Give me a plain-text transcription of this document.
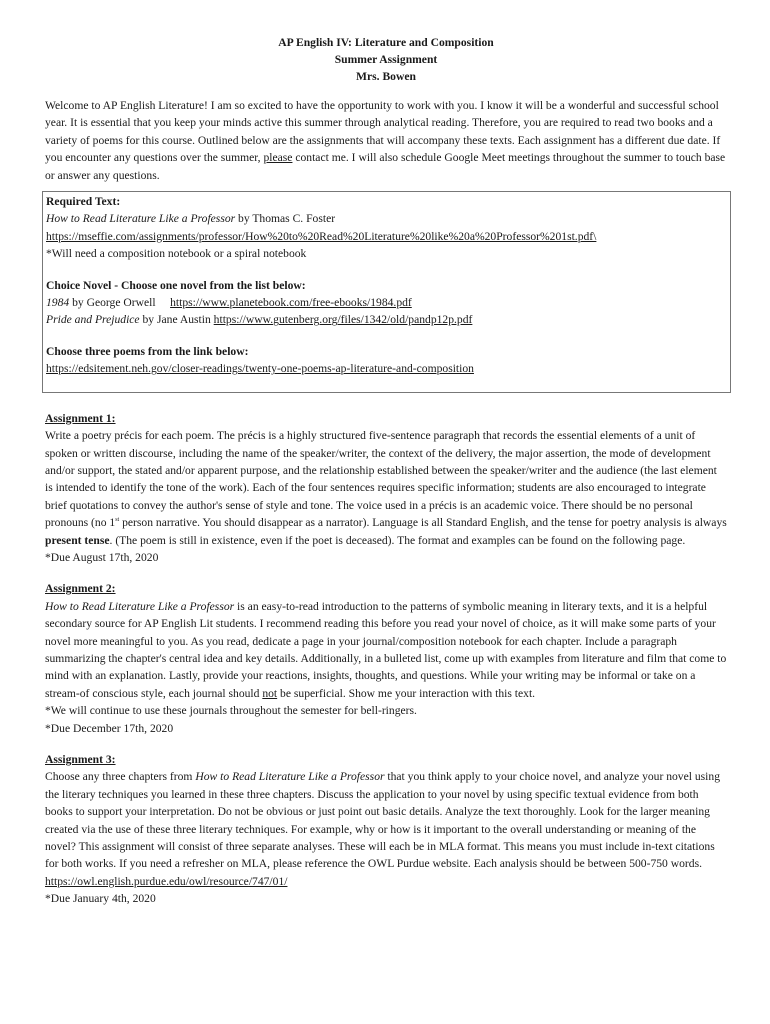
AP English IV: Literature and Composition
Summer Assignment
Mrs. Bowen

Welcome to AP English Literature! I am so excited to have the opportunity to work with you. I know it will be a wonderful and successful school year. It is essential that you keep your minds active this summer through analytical reading. Therefore, you are required to read two books and a variety of poems for this course. Outlined below are the assignments that will accompany these texts. Each assignment has a different due date. If you encounter any questions over the summer, please contact me. I will also schedule Google Meet meetings throughout the summer to touch base or answer any questions.

Required Text:
How to Read Literature Like a Professor by Thomas C. Foster
https://mseffie.com/assignments/professor/How%20to%20Read%20Literature%20like%20a%20Professor%201st.pdf\
*Will need a composition notebook or a spiral notebook
Choice Novel - Choose one novel from the list below:
1984 by George Orwell     https://www.planetebook.com/free-ebooks/1984.pdf
Pride and Prejudice by Jane Austin https://www.gutenberg.org/files/1342/old/pandp12p.pdf
Choose three poems from the link below:
https://edsitement.neh.gov/closer-readings/twenty-one-poems-ap-literature-and-composition
Assignment 1:

Write a poetry précis for each poem. The précis is a highly structured five-sentence paragraph that records the essential elements of a unit of spoken or written discourse, including the name of the speaker/writer, the context of the delivery, the major assertion, the mode of development and/or support, the stated and/or apparent purpose, and the relationship established between the speaker/writer and the audience (the last element is intended to identify the tone of the work). Each of the four sentences requires specific information; students are also encouraged to integrate brief quotations to convey the author's sense of style and tone. The voice used in a précis is an academic voice. There should be no personal pronouns (no 1st person narrative. You should disappear as a narrator). Language is all Standard English, and the tense for poetry analysis is always present tense. (The poem is still in existence, even if the poet is deceased). The format and examples can be found on the following page.

*Due August 17th, 2020
Assignment 2:

How to Read Literature Like a Professor is an easy-to-read introduction to the patterns of symbolic meaning in literary texts, and it is a helpful secondary source for AP English Lit students. I recommend reading this before you read your novel of choice, as it will make some parts of your novel more meaningful to you. As you read, dedicate a page in your journal/composition notebook for each chapter. Include a paragraph summarizing the chapter's central idea and key details. Additionally, in a bulleted list, come up with examples from literature and film that come to mind with an explanation. Lastly, provide your reactions, insights, thoughts, and questions. While your writing may be informal or take on a stream-of conscious style, each journal should not be superficial. Show me your interaction with this text.

*We will continue to use these journals throughout the semester for bell-ringers.
*Due December 17th, 2020
Assignment 3:

Choose any three chapters from How to Read Literature Like a Professor that you think apply to your choice novel, and analyze your novel using the literary techniques you learned in these three chapters. Discuss the application to your novel by using specific textual evidence from both books to support your interpretation. Do not be obvious or just point out basic details. Analyze the text thoroughly. Look for the larger meaning created via the use of these three literary techniques. For example, why or how is it important to the overall understanding or meaning of the novel? This assignment will consist of three separate analyses. These will each be in MLA format. This means you must include in-text citations for both works. If you need a refresher on MLA, please reference the OWL Purdue website. Each analysis should be between 500-750 words.

https://owl.english.purdue.edu/owl/resource/747/01/
*Due January 4th, 2020
